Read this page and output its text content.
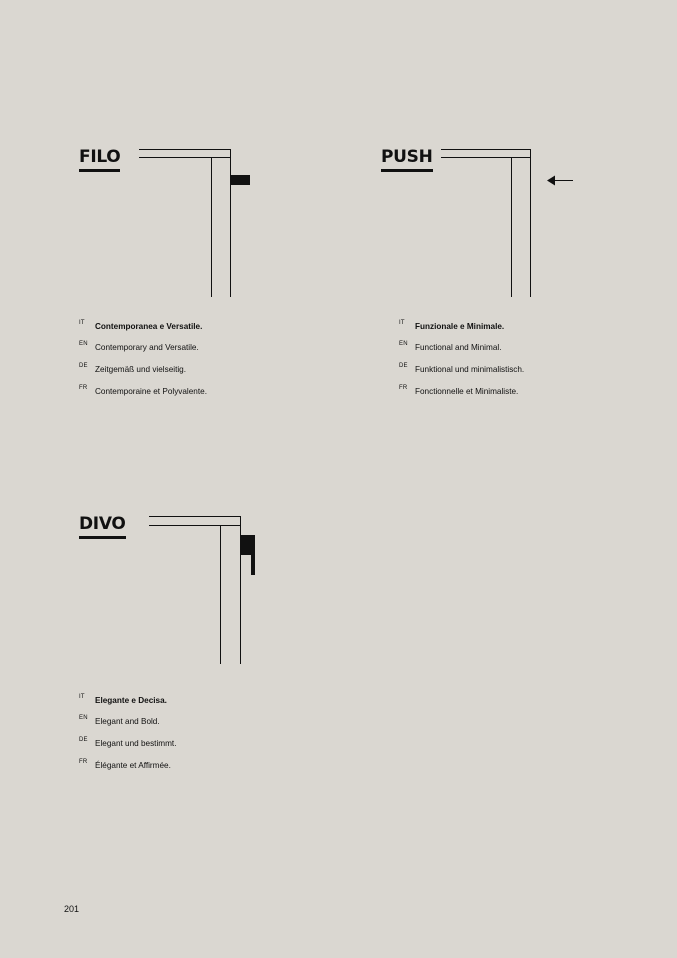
FILO
IT Contemporanea e Versatile.
EN Contemporary and Versatile.
DE Zeitgemäß und vielseitig.
FR Contemporaine et Polyvalente.
PUSH
IT Funzionale e Minimale.
EN Functional and Minimal.
DE Funktional und minimalistisch.
FR Fonctionnelle et Minimaliste.
DIVO
IT Elegante e Decisa.
EN Elegant and Bold.
DE Elegant und bestimmt.
FR Élégante et Affirmée.
201
